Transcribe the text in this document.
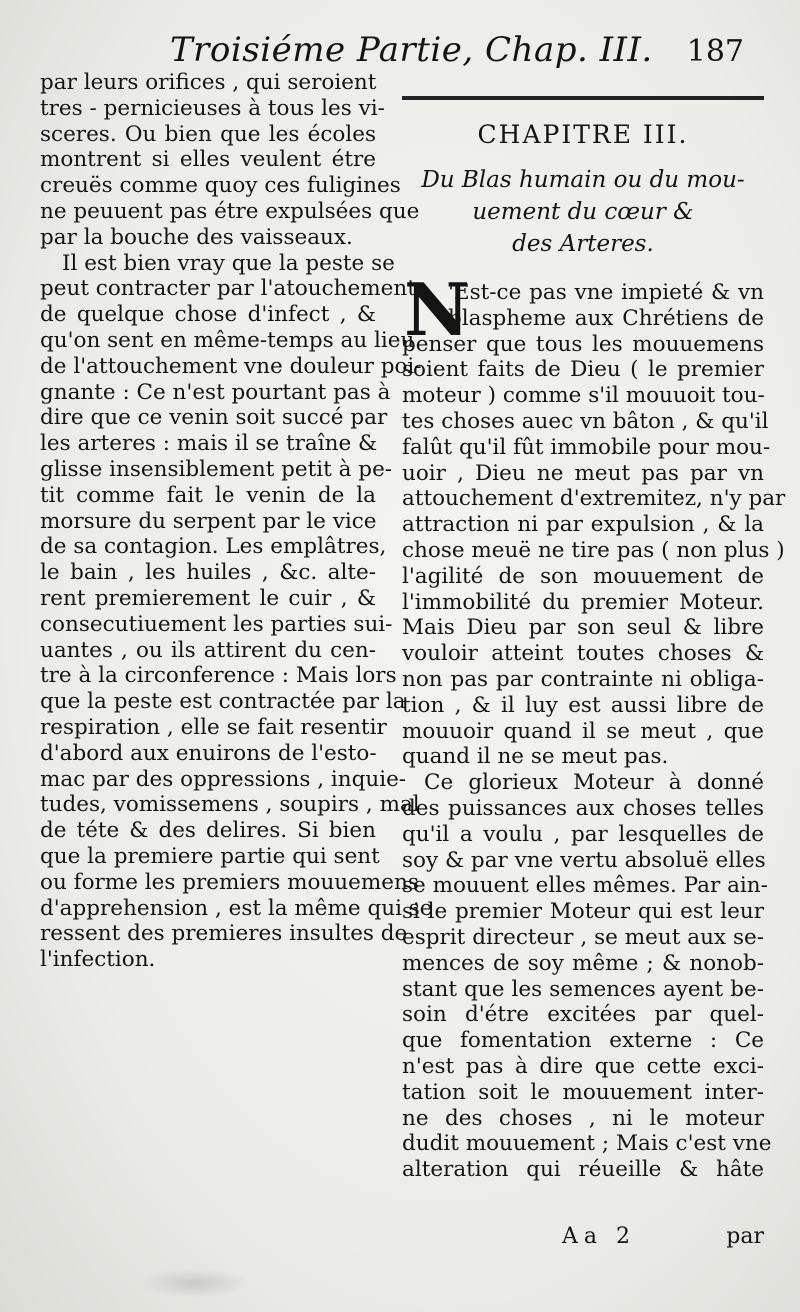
Troisiéme Partie, Chap. III. 187
par leurs orifices , qui seroient
tres - pernicieuses à tous les vi-
sceres. Ou bien que les écoles
montrent si elles veulent étre
creuës comme quoy ces fuligines
ne peuuent pas étre expulsées que
par la bouche des vaisseaux.
Il est bien vray que la peste se
peut contracter par l'atouchement
de quelque chose d'infect , &
qu'on sent en même-temps au lieu
de l'attouchement vne douleur poi-
gnante : Ce n'est pourtant pas à
dire que ce venin soit succé par
les arteres : mais il se traîne &
glisse insensiblement petit à pe-
tit comme fait le venin de la
morsure du serpent par le vice
de sa contagion. Les emplâtres,
le bain , les huiles , &c. alte-
rent premierement le cuir , &
consecutiuement les parties sui-
uantes , ou ils attirent du cen-
tre à la circonference : Mais lors
que la peste est contractée par la
respiration , elle se fait resentir
d'abord aux enuirons de l'esto-
mac par des oppressions , inquie-
tudes, vomissemens , soupirs , mal
de téte & des delires. Si bien
que la premiere partie qui sent
ou forme les premiers mouuemens
d'apprehension , est la même qui se
ressent des premieres insultes de
l'infection.
CHAPITRE III.
Du Blas humain ou du mou-
uement du cœur &
des Arteres.
N
'Est-ce pas vne impieté & vn
blaspheme aux Chrétiens de
penser que tous les mouuemens
soient faits de Dieu ( le premier
moteur ) comme s'il mouuoit tou-
tes choses auec vn bâton , & qu'il
falût qu'il fût immobile pour mou-
uoir , Dieu ne meut pas par vn
attouchement d'extremitez, n'y par
attraction ni par expulsion , & la
chose meuë ne tire pas ( non plus )
l'agilité de son mouuement de
l'immobilité du premier Moteur.
Mais Dieu par son seul & libre
vouloir atteint toutes choses &
non pas par contrainte ni obliga-
tion , & il luy est aussi libre de
mouuoir quand il se meut , que
quand il ne se meut pas.
Ce glorieux Moteur à donné
des puissances aux choses telles
qu'il a voulu , par lesquelles de
soy & par vne vertu absoluë elles
se mouuent elles mêmes. Par ain-
si le premier Moteur qui est leur
esprit directeur , se meut aux se-
mences de soy même ; & nonob-
stant que les semences ayent be-
soin d'étre excitées par quel-
que fomentation externe : Ce
n'est pas à dire que cette exci-
tation soit le mouuement inter-
ne des choses , ni le moteur
dudit mouuement ; Mais c'est vne
alteration qui réueille & hâte
Aa 2	par
